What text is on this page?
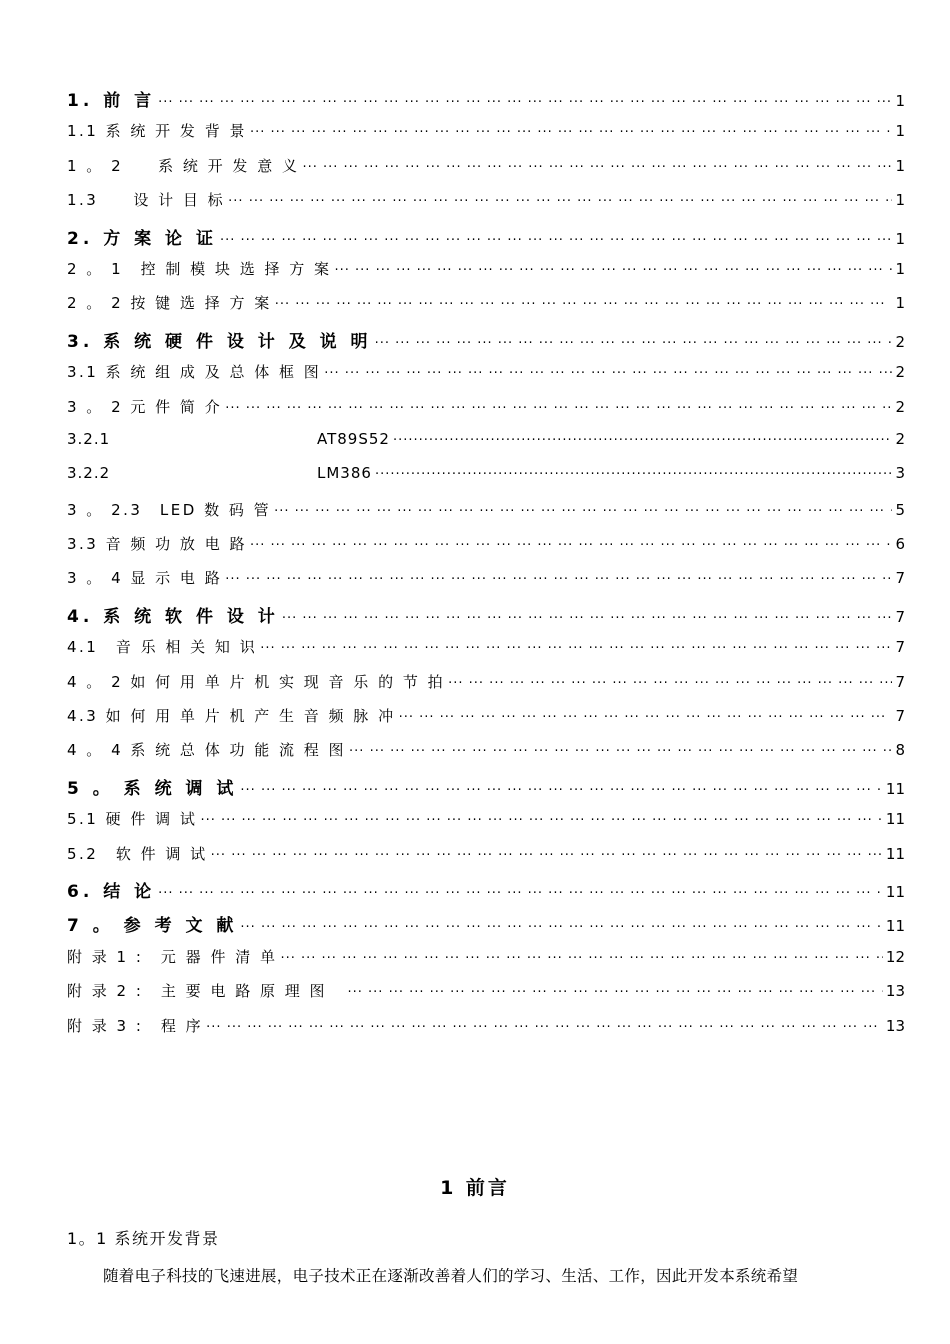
1. 前 言 ··· ·	1
1.1 系 统 开 发 背 景 ··· ·	1
1 。 2　　系 统 开 发 意 义 ··· ·	1
1.3　　设 计 目 标 ··· ·	1
2. 方 案 论 证 ··· ·	1
2 。 1　控 制 模 块 选 择 方 案 ··· ·	1
2 。 2 按 键 选 择 方 案 ··· ·	1
3. 系 统 硬 件 设 计 及 说 明 ··· ·	2
3.1 系 统 组 成 及 总 体 框 图 ··· ·	2
3 。 2 元 件 简 介 ··· ·	2
3.2.1	AT89S52 ·····	2
3.2.2	LM386 ·····	3
3 。 2.3　LED 数 码 管 ··· ·	5
3.3 音 频 功 放 电 路 ··· ·	6
3 。 4 显 示 电 路 ··· ·	7
4. 系 统 软 件 设 计 ··· ·	7
4.1　音 乐 相 关 知 识 ··· ·	7
4 。 2 如 何 用 单 片 机 实 现 音 乐 的 节 拍 ··· ·	7
4.3 如 何 用 单 片 机 产 生 音 频 脉 冲 ··· ·	7
4 。 4 系 统 总 体 功 能 流 程 图 ··· ·	8
5 。 系 统 调 试 ··· ·	11
5.1 硬 件 调 试 ··· ·	11
5.2　软 件 调 试 ··· ·	11
6. 结 论 ··· ·	11
7 。 参 考 文 献 ··· ·	11
附 录 1 :　元 器 件 清 单 ··· ·	12
附 录 2 :　主 要 电 路 原 理 图　 ··· ·	13
附 录 3 :　程 序 ··· ·	13
1 前言
1。1 系统开发背景
随着电子科技的飞速进展，电子技术正在逐渐改善着人们的学习、生活、工作，因此开发本系统希望
